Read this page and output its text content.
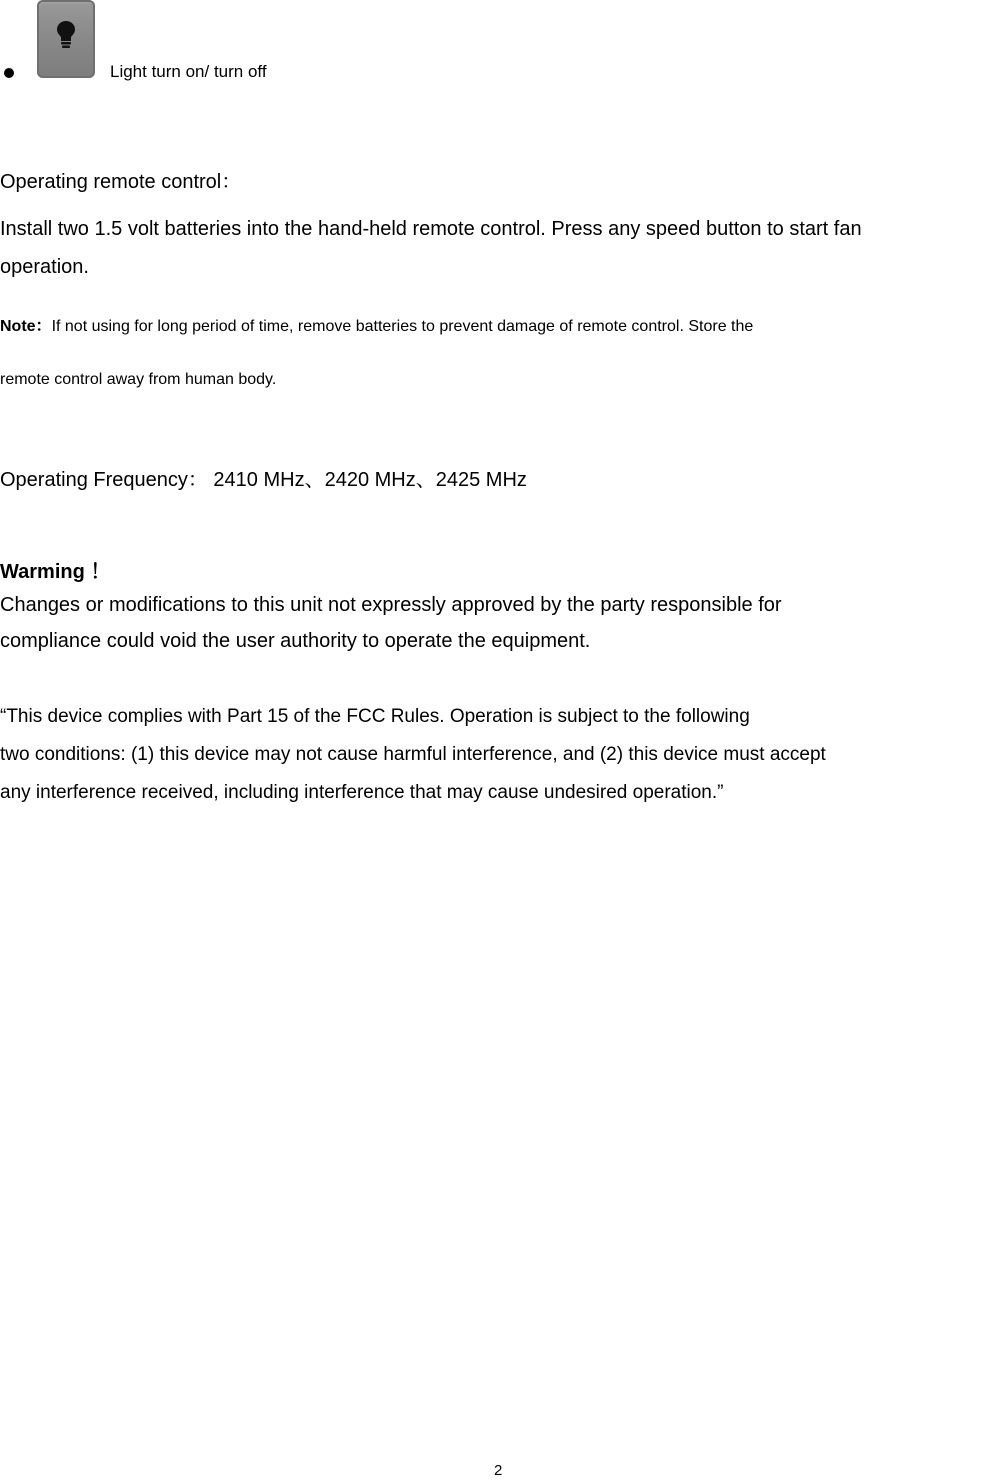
Light turn on/ turn off
Operating remote control：
Install two 1.5 volt batteries into the hand-held remote control. Press any speed button to start fan
operation.
Note：If not using for long period of time, remove batteries to prevent damage of remote control. Store the
remote control away from human body.
Operating Frequency： 2410 MHz、2420 MHz、2425 MHz
Warming ！
Changes or modifications to this unit not expressly approved by the party responsible for
compliance could void the user authority to operate the equipment.
“This device complies with Part 15 of the FCC Rules. Operation is subject to the following
two conditions: (1) this device may not cause harmful interference, and (2) this device must accept
any interference received, including interference that may cause undesired operation.”
2
